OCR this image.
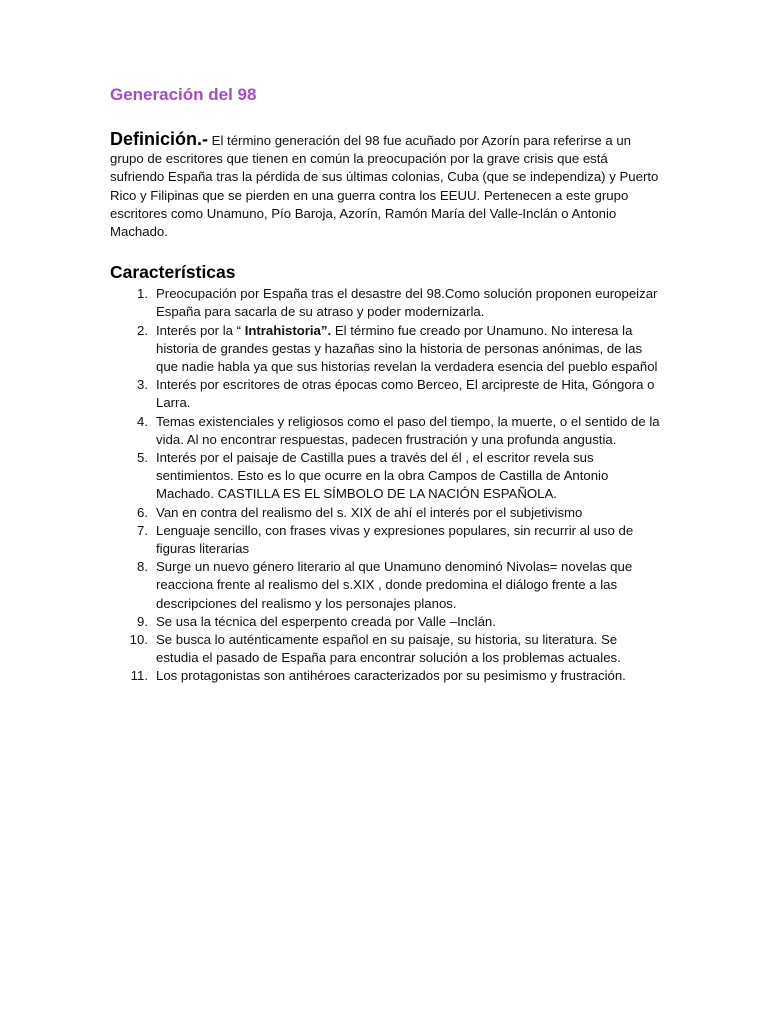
Generación del 98

Definición.- El término generación del 98 fue acuñado por Azorín para referirse a un grupo de escritores que tienen en común la preocupación por la grave crisis que está sufriendo España tras la pérdida de sus últimas colonias, Cuba (que se independiza) y Puerto Rico y Filipinas que se pierden en una guerra contra los EEUU. Pertenecen a este grupo escritores como Unamuno, Pío Baroja, Azorín, Ramón María del Valle-Inclán o Antonio Machado.

Características
1. Preocupación por España tras el desastre del 98.Como solución proponen europeizar España para sacarla de su atraso y poder modernizarla.
2. Interés por la “ Intrahistoria”. El término fue creado por Unamuno. No interesa la historia de grandes gestas y hazañas sino la historia de personas anónimas, de las que nadie habla ya que sus historias revelan la verdadera esencia del pueblo español
3. Interés por escritores de otras épocas como Berceo, El arcipreste de Hita, Góngora o Larra.
4. Temas existenciales y religiosos como el paso del tiempo, la muerte, o el sentido de la vida. Al no encontrar respuestas, padecen frustración y una profunda angustia.
5. Interés por el paisaje de Castilla pues a través del él , el escritor revela sus sentimientos. Esto es lo que ocurre en la obra Campos de Castilla de Antonio Machado. CASTILLA ES EL SÍMBOLO DE LA NACIÓN ESPAÑOLA.
6. Van en contra del realismo del s. XIX de ahí el interés por el subjetivismo
7. Lenguaje sencillo, con frases vivas y expresiones populares, sin recurrir al uso de figuras literarias
8. Surge un nuevo género literario al que Unamuno denominó Nivolas= novelas que reacciona frente al realismo del s.XIX , donde predomina el diálogo frente a las descripciones del realismo y los personajes planos.
9. Se usa la técnica del esperpento creada por Valle –Inclán.
10. Se busca lo auténticamente español en su paisaje, su historia, su literatura. Se estudia el pasado de España para encontrar solución a los problemas actuales.
11. Los protagonistas son antihéroes caracterizados por su pesimismo y frustración.
